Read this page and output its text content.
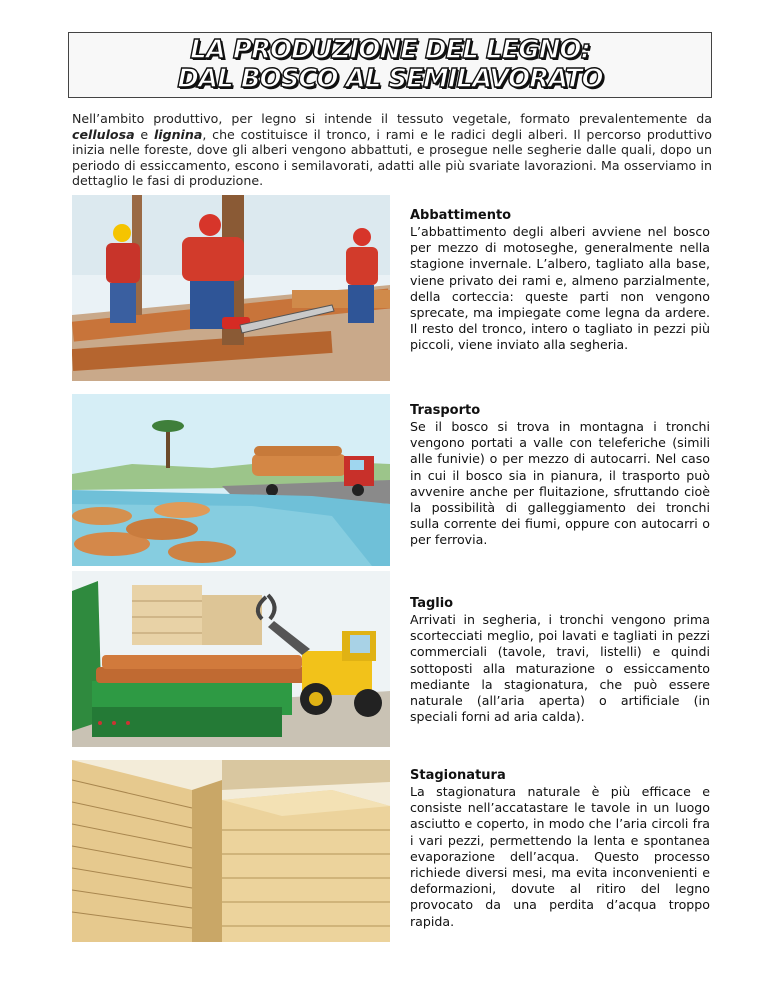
LA PRODUZIONE DEL LEGNO:
DAL BOSCO AL SEMILAVORATO
Nell’ambito produttivo, per legno si intende il tessuto vegetale, formato prevalentemente da cellulosa e lignina, che costituisce il tronco, i rami e le radici degli alberi. Il percorso produttivo inizia nelle foreste, dove gli alberi vengono abbattuti, e prosegue nelle segherie dalle quali, dopo un periodo di essiccamento, escono i semilavorati, adatti alle più svariate lavorazioni. Ma osserviamo in dettaglio le fasi di produzione.
Abbattimento

L’abbattimento degli alberi avviene nel bosco per mezzo di motoseghe, generalmente nella stagione invernale. L’albero, tagliato alla base, viene privato dei rami e, almeno parzialmente, della corteccia: queste parti non vengono sprecate, ma impiegate come legna da ardere. Il resto del tronco, intero o tagliato in pezzi più piccoli, viene inviato alla segheria.

Trasporto

Se il bosco si trova in montagna i tronchi vengono portati a valle con teleferiche (simili alle funivie) o per mezzo di autocarri. Nel caso in cui il bosco sia in pianura, il trasporto può avvenire anche per fluitazione, sfruttando cioè la possibilità di galleggiamento dei tronchi sulla corrente dei fiumi, oppure con autocarri o per ferrovia.

Taglio

Arrivati in segheria, i tronchi vengono prima scortecciati meglio, poi lavati e tagliati in pezzi commerciali (tavole, travi, listelli) e quindi sottoposti alla maturazione o essiccamento mediante la stagionatura, che può essere naturale (all’aria aperta) o artificiale (in speciali forni ad aria calda).

Stagionatura

La stagionatura naturale è più efficace e consiste nell’accatastare le tavole in un luogo asciutto e coperto, in modo che l’aria circoli fra i vari pezzi, permettendo la lenta e spontanea evaporazione dell’acqua. Questo processo richiede diversi mesi, ma evita inconvenienti e deformazioni, dovute al ritiro del legno provocato da una perdita d’acqua troppo rapida.
